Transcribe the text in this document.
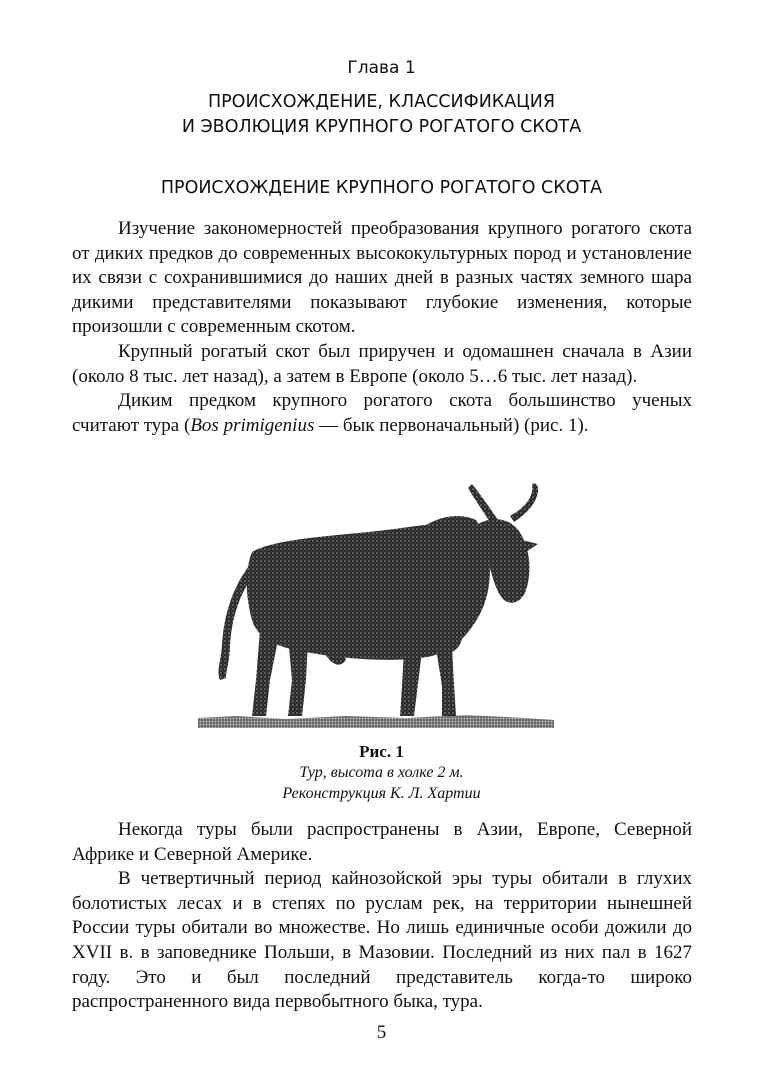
Глава 1
ПРОИСХОЖДЕНИЕ, КЛАССИФИКАЦИЯ
И ЭВОЛЮЦИЯ КРУПНОГО РОГАТОГО СКОТА
ПРОИСХОЖДЕНИЕ КРУПНОГО РОГАТОГО СКОТА

Изучение закономерностей преобразования крупного рогатого скота от диких предков до современных высококультурных пород и установление их связи с сохранившимися до наших дней в разных частях земного шара дикими представителями показывают глубокие изменения, которые произошли с современным скотом.

Крупный рогатый скот был приручен и одомашнен сначала в Азии (около 8 тыс. лет назад), а затем в Европе (около 5…6 тыс. лет назад).

Диким предком крупного рогатого скота большинство ученых считают тура (Bos primigenius — бык первоначальный) (рис. 1).

Рис. 1
Тур, высота в холке 2 м.
Реконструкция К. Л. Хартии

Некогда туры были распространены в Азии, Европе, Северной Африке и Северной Америке.

В четвертичный период кайнозойской эры туры обитали в глухих болотистых лесах и в степях по руслам рек, на территории нынешней России туры обитали во множестве. Но лишь единичные особи дожили до XVII в. в заповеднике Польши, в Мазовии. Последний из них пал в 1627 году. Это и был последний представитель когда-то широко распространенного вида первобытного быка, тура.

5
